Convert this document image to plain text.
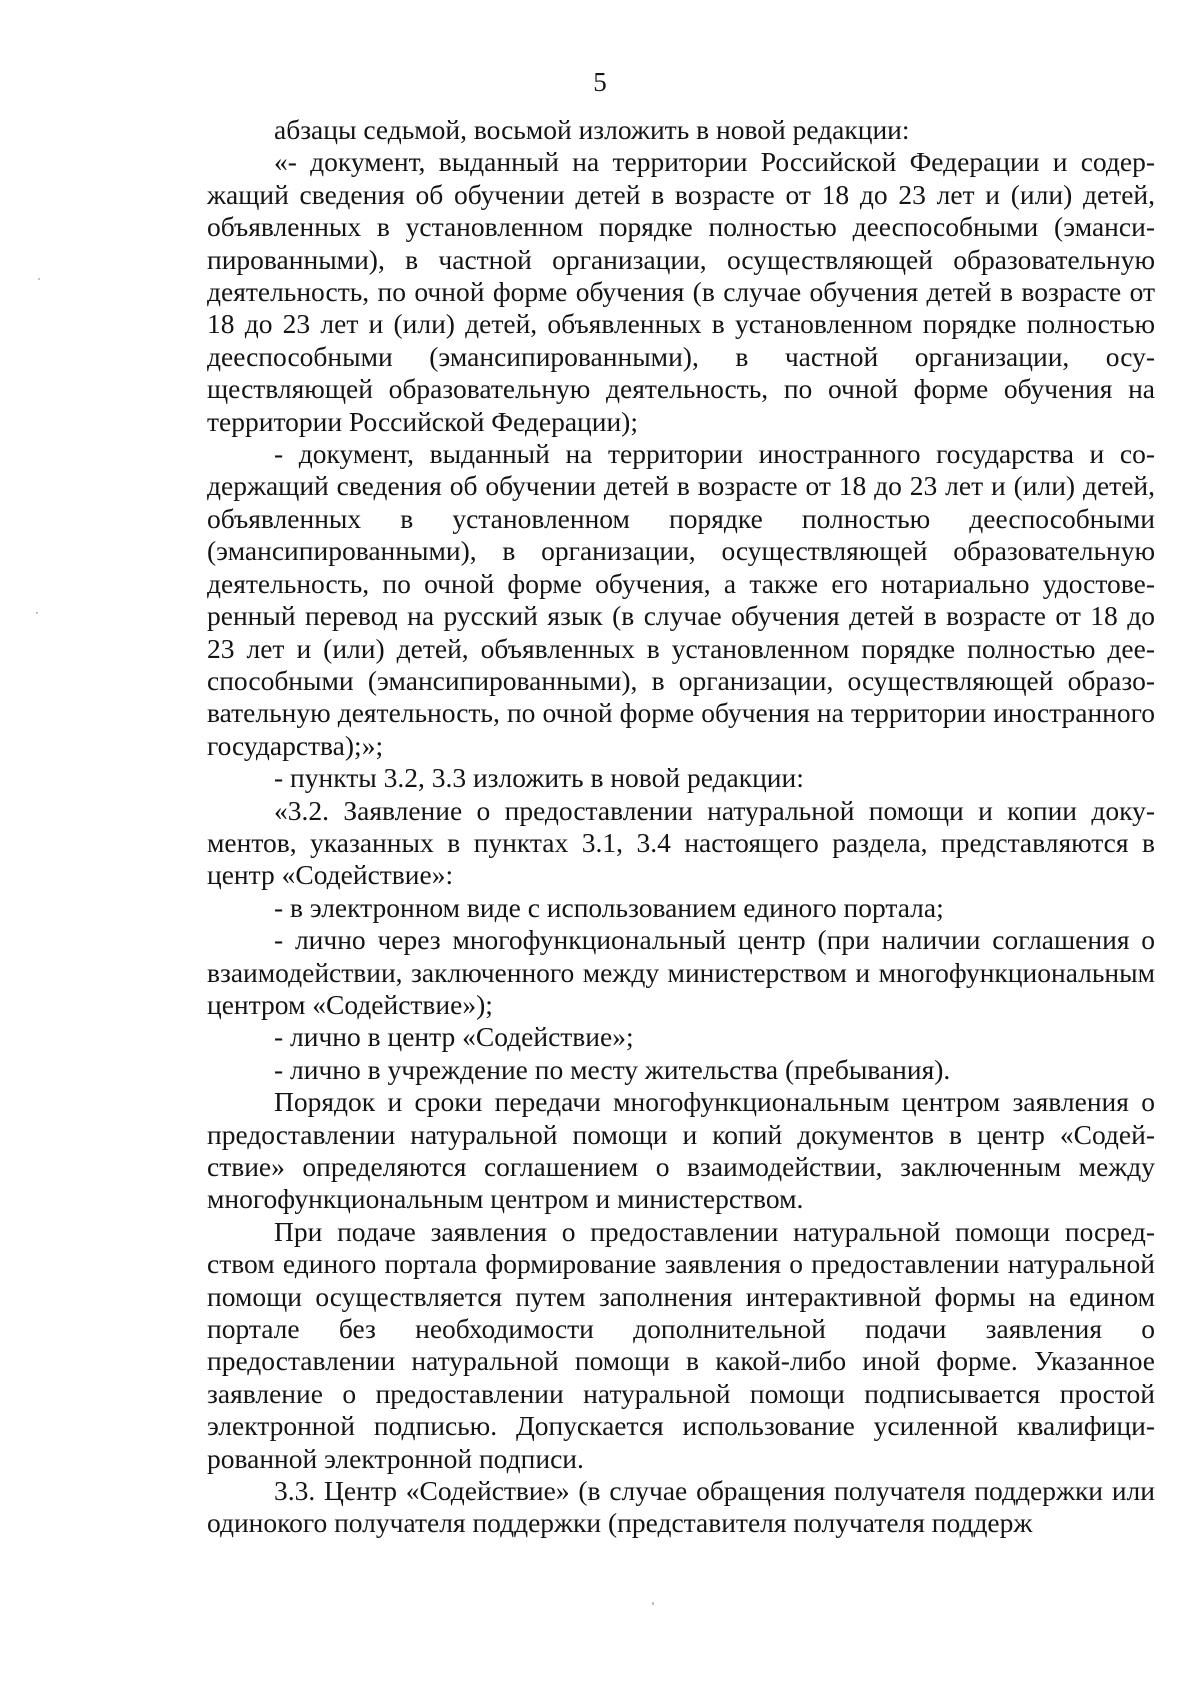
5

абзацы седьмой, восьмой изложить в новой редакции:

«- документ, выданный на территории Российской Федерации и содержащий сведения об обучении детей в возрасте от 18 до 23 лет и (или) детей, объявленных в установленном порядке полностью дееспособными (эмансипированными), в частной организации, осуществляющей образовательную деятельность, по очной форме обучения (в случае обучения детей в возрасте от 18 до 23 лет и (или) детей, объявленных в установленном порядке полностью дееспособными (эмансипированными), в частной организации, осуществляющей образовательную деятельность, по очной форме обучения на территории Российской Федерации);

- документ, выданный на территории иностранного государства и содержащий сведения об обучении детей в возрасте от 18 до 23 лет и (или) детей, объявленных в установленном порядке полностью дееспособными (эмансипированными), в организации, осуществляющей образовательную деятельность, по очной форме обучения, а также его нотариально удостоверенный перевод на русский язык (в случае обучения детей в возрасте от 18 до 23 лет и (или) детей, объявленных в установленном порядке полностью дееспособными (эмансипированными), в организации, осуществляющей образовательную деятельность, по очной форме обучения на территории иностранного государства);»;

- пункты 3.2, 3.3 изложить в новой редакции:

«3.2. Заявление о предоставлении натуральной помощи и копии документов, указанных в пунктах 3.1, 3.4 настоящего раздела, представляются в центр «Содействие»:

- в электронном виде с использованием единого портала;

- лично через многофункциональный центр (при наличии соглашения о взаимодействии, заключенного между министерством и многофункциональным центром «Содействие»);

- лично в центр «Содействие»;

- лично в учреждение по месту жительства (пребывания).

Порядок и сроки передачи многофункциональным центром заявления о предоставлении натуральной помощи и копий документов в центр «Содействие» определяются соглашением о взаимодействии, заключенным между многофункциональным центром и министерством.

При подаче заявления о предоставлении натуральной помощи посредством единого портала формирование заявления о предоставлении натуральной помощи осуществляется путем заполнения интерактивной формы на едином портале без необходимости дополнительной подачи заявления о предоставлении натуральной помощи в какой-либо иной форме. Указанное заявление о предоставлении натуральной помощи подписывается простой электронной подписью. Допускается использование усиленной квалифицированной электронной подписи.

3.3. Центр «Содействие» (в случае обращения получателя поддержки или одинокого получателя поддержки (представителя получателя поддерж
